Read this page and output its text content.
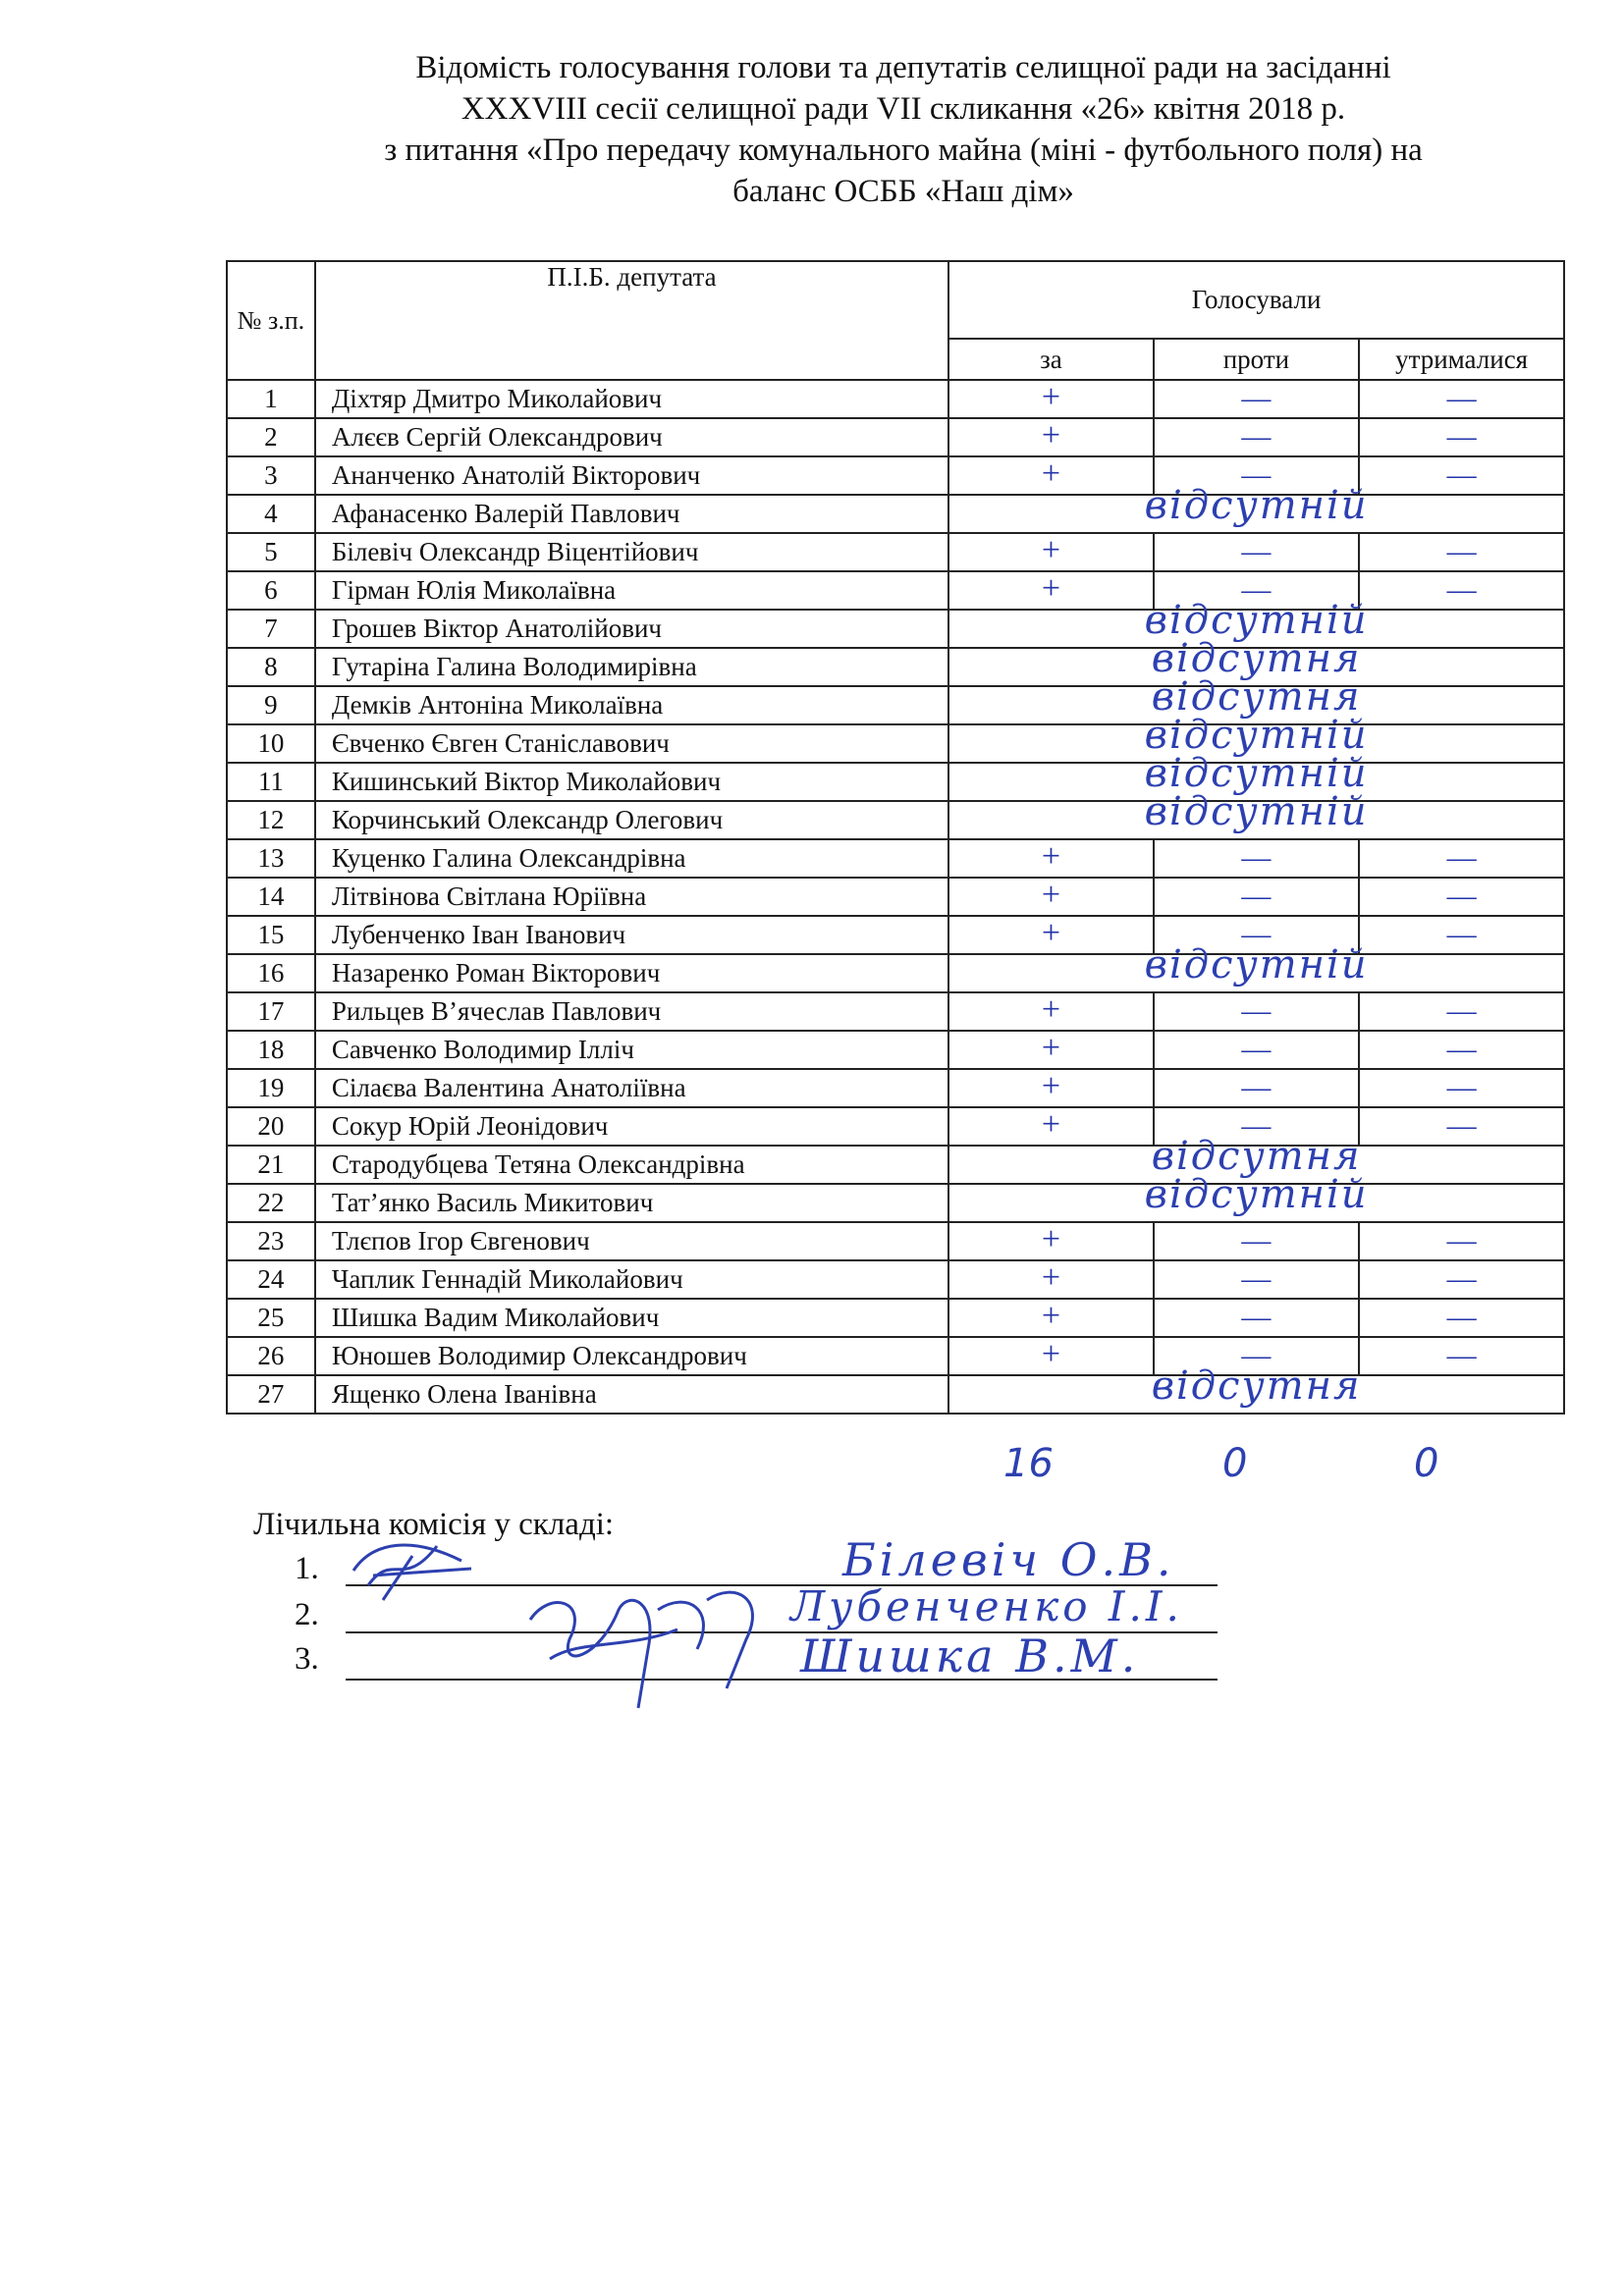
Відомість голосування голови та депутатів селищної ради на засіданні
XXXVIII сесії селищної ради VII скликання «26» квітня 2018 р.
з питання «Про передачу комунального майна (міні - футбольного поля) на
баланс ОСББ «Наш дім»
№ з.п.	П.І.Б. депутата	Голосували		
		за	проти	утрималися
1	Діхтяр Дмитро Миколайович	+	—	—
2	Алєєв Сергій Олександрович	+	—	—
3	Ананченко Анатолій Вікторович	+	—	—
4	Афанасенко Валерій Павлович	відсутній		

5	Білевіч Олександр Віцентійович	+	—	—
6	Гірман Юлія Миколаївна	+	—	—
7	Грошев Віктор Анатолійович	відсутній		

8	Гутаріна Галина Володимирівна	відсутня		

9	Демків Антоніна Миколаївна	відсутня		

10	Євченко Євген Станіславович	відсутній		

11	Кишинський Віктор Миколайович	відсутній		

12	Корчинський Олександр Олегович	відсутній		

13	Куценко Галина Олександрівна	+	—	—
14	Літвінова Світлана Юріївна	+	—	—
15	Лубенченко Іван Іванович	+	—	—
16	Назаренко Роман Вікторович	відсутній		

17	Рильцев В’ячеслав Павлович	+	—	—
18	Савченко Володимир Ілліч	+	—	—
19	Сілаєва Валентина Анатоліївна	+	—	—
20	Сокур Юрій Леонідович	+	—	—
21	Стародубцева Тетяна Олександрівна	відсутня		

22	Тат’янко Василь Микитович	відсутній		

23	Тлєпов Ігор Євгенович	+	—	—
24	Чаплик Геннадій Миколайович	+	—	—
25	Шишка Вадим Миколайович	+	—	—
26	Юношев Володимир Олександрович	+	—	—
27	Ященко Олена Іванівна	відсутня		
16	0	0
Лічильна комісія у складі:
1.	Білевіч О.В.
2.	Лубенченко І.І.
3.	Шишка В.М.
